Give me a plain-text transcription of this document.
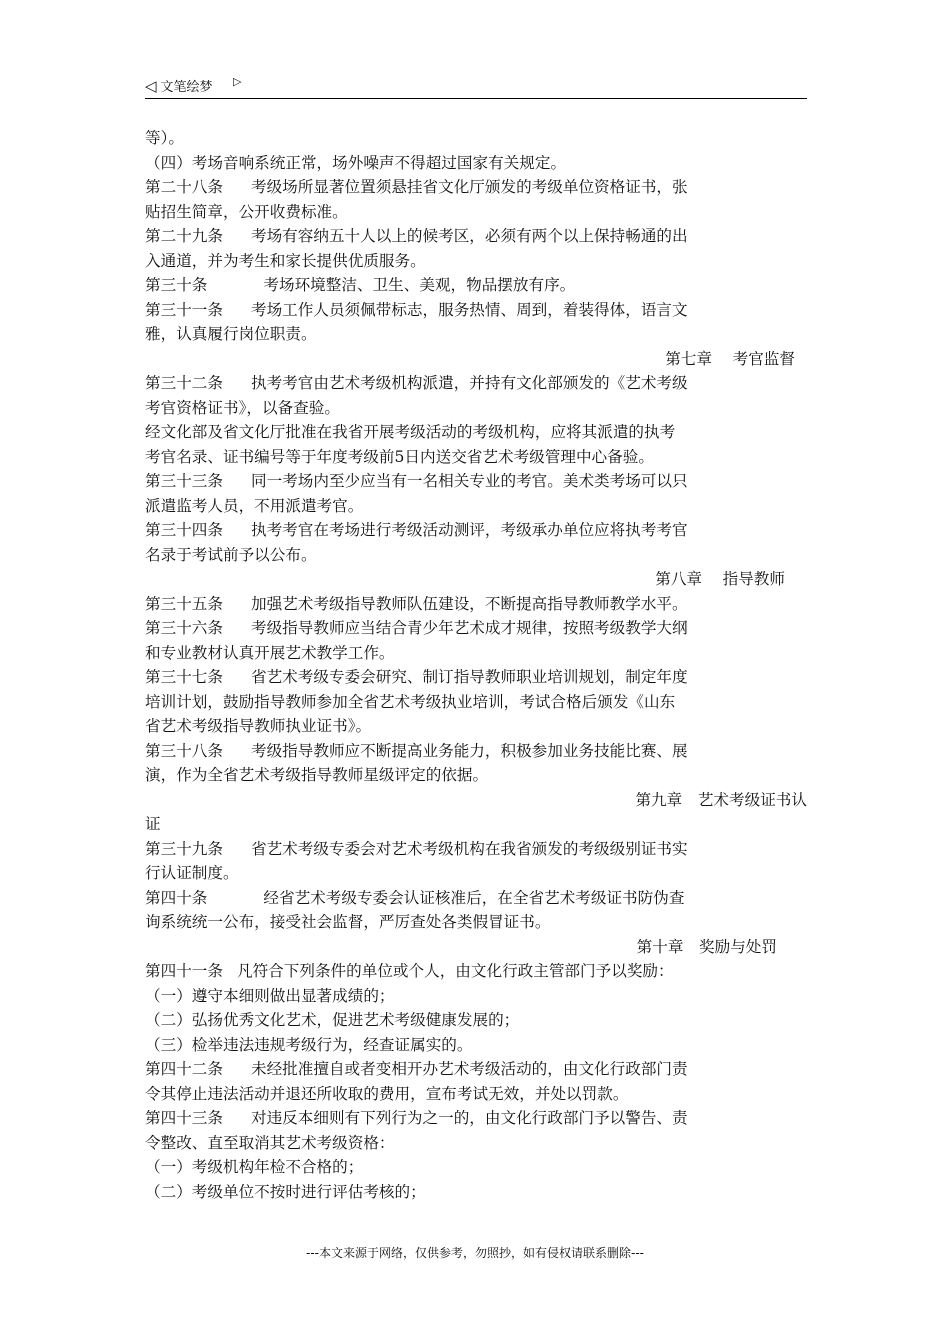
◁ 文笔绘梦 ▷
等）。
（四）考场音响系统正常，场外噪声不得超过国家有关规定。
第二十八条 考级场所显著位置须悬挂省文化厅颁发的考级单位资格证书，张
贴招生简章，公开收费标准。
第二十九条 考场有容纳五十人以上的候考区，必须有两个以上保持畅通的出
入通道，并为考生和家长提供优质服务。
第三十条	考场环境整洁、卫生、美观，物品摆放有序。
第三十一条 考场工作人员须佩带标志，服务热情、周到，着装得体，语言文
雅，认真履行岗位职责。
第七章　 考官监督
第三十二条 执考考官由艺术考级机构派遣，并持有文化部颁发的《艺术考级
考官资格证书》，以备查验。
经文化部及省文化厅批准在我省开展考级活动的考级机构，应将其派遣的执考
考官名录、证书编号等于年度考级前5日内送交省艺术考级管理中心备验。
第三十三条 同一考场内至少应当有一名相关专业的考官。美术类考场可以只
派遣监考人员，不用派遣考官。
第三十四条 执考考官在考场进行考级活动测评，考级承办单位应将执考考官
名录于考试前予以公布。
第八章　 指导教师
第三十五条 加强艺术考级指导教师队伍建设，不断提高指导教师教学水平。
第三十六条 考级指导教师应当结合青少年艺术成才规律，按照考级教学大纲
和专业教材认真开展艺术教学工作。
第三十七条 省艺术考级专委会研究、制订指导教师职业培训规划，制定年度
培训计划，鼓励指导教师参加全省艺术考级执业培训，考试合格后颁发《山东
省艺术考级指导教师执业证书》。
第三十八条 考级指导教师应不断提高业务能力，积极参加业务技能比赛、展
演，作为全省艺术考级指导教师星级评定的依据。
第九章　艺术考级证书认
证
第三十九条 省艺术考级专委会对艺术考级机构在我省颁发的考级级别证书实
行认证制度。
第四十条	经省艺术考级专委会认证核准后，在全省艺术考级证书防伪查
询系统统一公布，接受社会监督，严厉查处各类假冒证书。
第十章　奖励与处罚
第四十一条 凡符合下列条件的单位或个人，由文化行政主管部门予以奖励：
（一）遵守本细则做出显著成绩的；
（二）弘扬优秀文化艺术，促进艺术考级健康发展的；
（三）检举违法违规考级行为，经查证属实的。
第四十二条 未经批准擅自或者变相开办艺术考级活动的，由文化行政部门责
令其停止违法活动并退还所收取的费用，宣布考试无效，并处以罚款。
第四十三条 对违反本细则有下列行为之一的，由文化行政部门予以警告、责
令整改、直至取消其艺术考级资格：
（一）考级机构年检不合格的；
（二）考级单位不按时进行评估考核的；
---本文来源于网络，仅供参考，勿照抄，如有侵权请联系删除---
